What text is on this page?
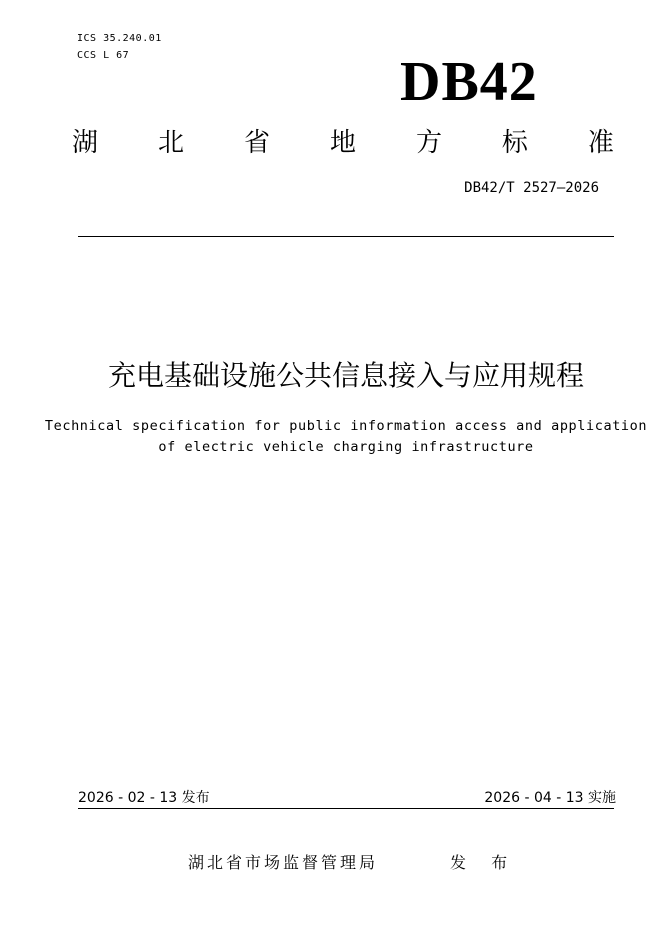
ICS 35.240.01
CCS L 67	DB42
湖 北 省 地 方 标 准
DB42/T 2527—2026
充电基础设施公共信息接入与应用规程
Technical specification for public information access and application
of electric vehicle charging infrastructure
2026 - 02 - 13 发布	2026 - 04 - 13 实施
湖北省市场监督管理局	发 布
